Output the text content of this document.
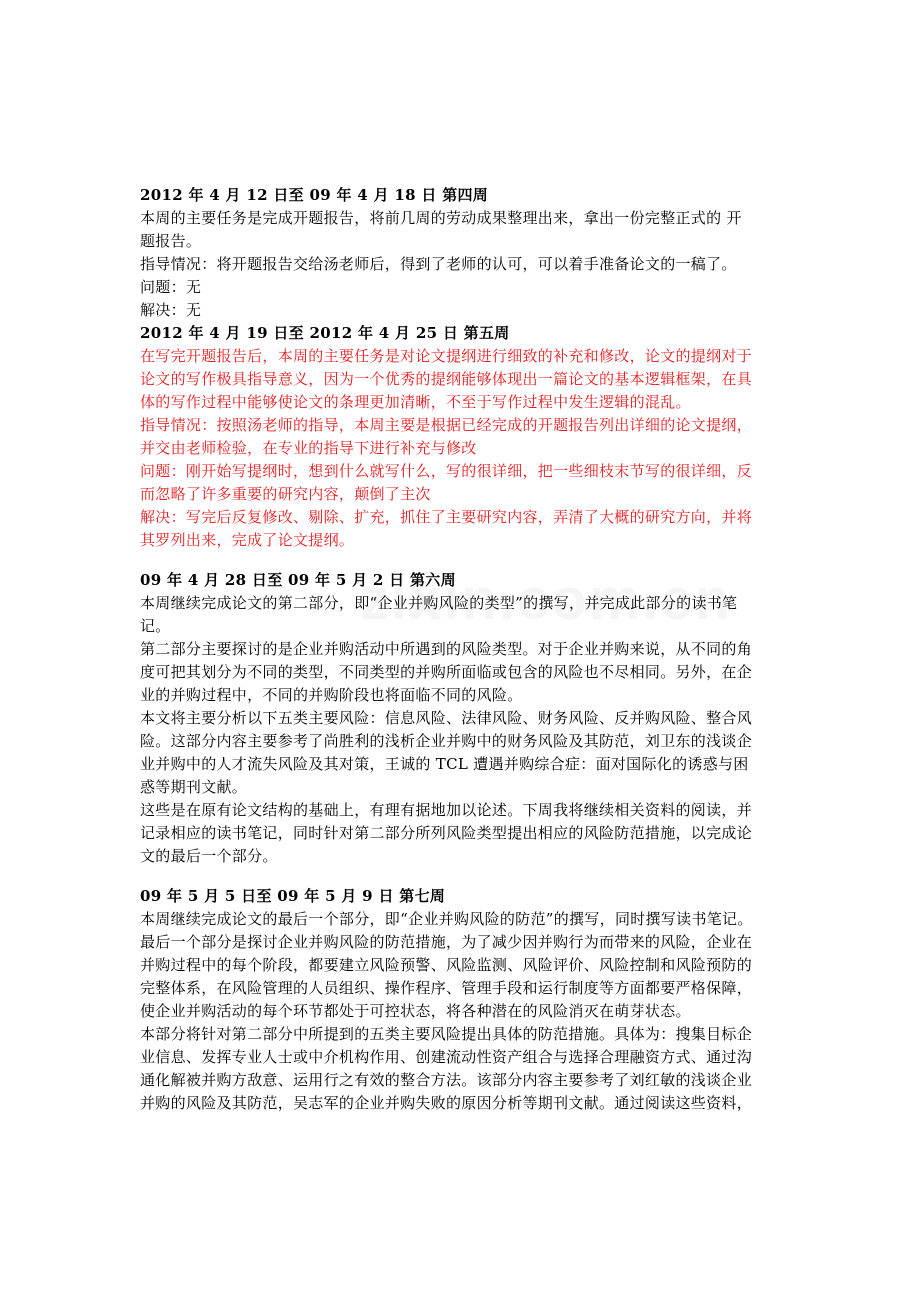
2012 年 4 月 12 日至 09 年 4 月 18 日 第四周
本周的主要任务是完成开题报告，将前几周的劳动成果整理出来，拿出一份完整正式的 开
题报告。
指导情况：将开题报告交给汤老师后，得到了老师的认可，可以着手准备论文的一稿了。
问题：无
解决：无
2012 年 4 月 19 日至 2012 年 4 月 25 日 第五周
在写完开题报告后，本周的主要任务是对论文提纲进行细致的补充和修改，论文的提纲对于
论文的写作极具指导意义，因为一个优秀的提纲能够体现出一篇论文的基本逻辑框架，在具
体的写作过程中能够使论文的条理更加清晰，不至于写作过程中发生逻辑的混乱。
指导情况：按照汤老师的指导，本周主要是根据已经完成的开题报告列出详细的论文提纲，
并交由老师检验，在专业的指导下进行补充与修改
问题：刚开始写提纲时，想到什么就写什么，写的很详细，把一些细枝末节写的很详细，反
而忽略了许多重要的研究内容，颠倒了主次
解决：写完后反复修改、剔除、扩充，抓住了主要研究内容，弄清了大概的研究方向，并将
其罗列出来，完成了论文提纲。
09 年 4 月 28 日至 09 年 5 月 2 日 第六周
本周继续完成论文的第二部分，即“企业并购风险的类型”的撰写，并完成此部分的读书笔
记。
第二部分主要探讨的是企业并购活动中所遇到的风险类型。对于企业并购来说，从不同的角
度可把其划分为不同的类型，不同类型的并购所面临或包含的风险也不尽相同。另外，在企
业的并购过程中，不同的并购阶段也将面临不同的风险。
本文将主要分析以下五类主要风险：信息风险、法律风险、财务风险、反并购风险、整合风
险。这部分内容主要参考了尚胜利的浅析企业并购中的财务风险及其防范，刘卫东的浅谈企
业并购中的人才流失风险及其对策，王诚的 TCL 遭遇并购综合症：面对国际化的诱惑与困
惑等期刊文献。
这些是在原有论文结构的基础上，有理有据地加以论述。下周我将继续相关资料的阅读，并
记录相应的读书笔记，同时针对第二部分所列风险类型提出相应的风险防范措施，以完成论
文的最后一个部分。
09 年 5 月 5 日至 09 年 5 月 9 日 第七周
本周继续完成论文的最后一个部分，即“企业并购风险的防范”的撰写，同时撰写读书笔记。
最后一个部分是探讨企业并购风险的防范措施，为了减少因并购行为而带来的风险，企业在
并购过程中的每个阶段，都要建立风险预警、风险监测、风险评价、风险控制和风险预防的
完整体系，在风险管理的人员组织、操作程序、管理手段和运行制度等方面都要严格保障，
使企业并购活动的每个环节都处于可控状态，将各种潜在的风险消灭在萌芽状态。
本部分将针对第二部分中所提到的五类主要风险提出具体的防范措施。具体为：搜集目标企
业信息、发挥专业人士或中介机构作用、创建流动性资产组合与选择合理融资方式、通过沟
通化解被并购方敌意、运用行之有效的整合方法。该部分内容主要参考了刘红敏的浅谈企业
并购的风险及其防范，吴志军的企业并购失败的原因分析等期刊文献。通过阅读这些资料，
